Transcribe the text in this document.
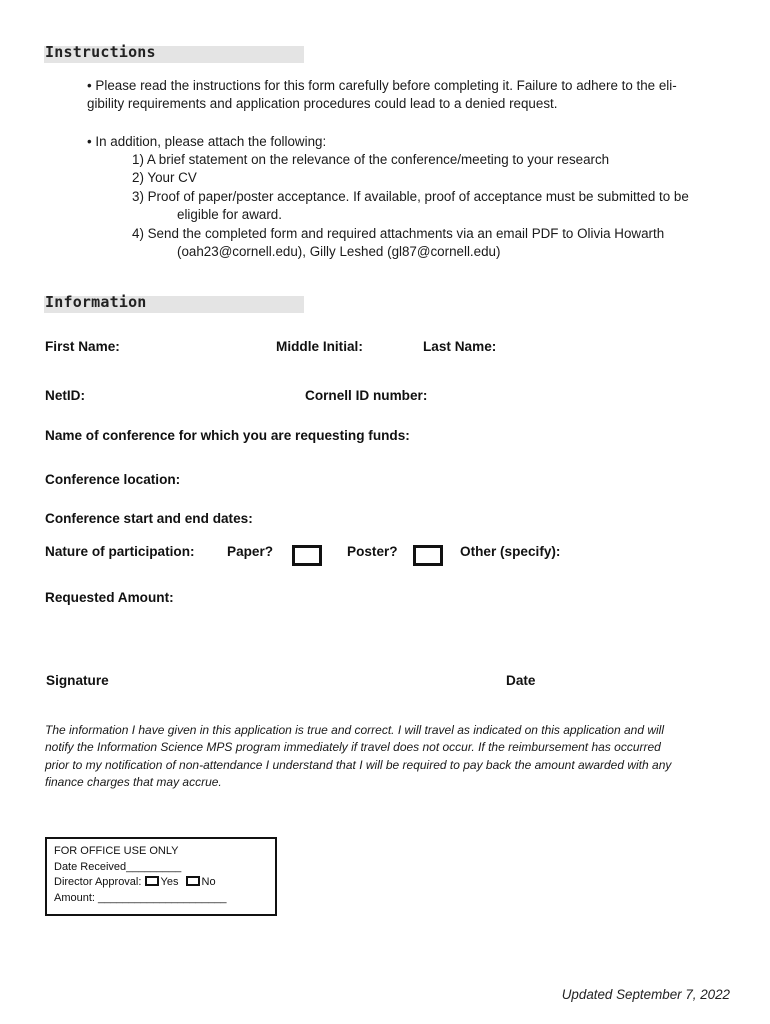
Instructions
• Please read the instructions for this form carefully before completing it. Failure to adhere to the eli-
gibility requirements and application procedures could lead to a denied request.
• In addition, please attach the following:
1) A brief statement on the relevance of the conference/meeting to your research
2) Your CV
3) Proof of paper/poster acceptance. If available, proof of acceptance must be submitted to be
eligible for award.
4) Send the completed form and required attachments via an email PDF to Olivia Howarth
(oah23@cornell.edu), Gilly Leshed (gl87@cornell.edu)
Information
First Name:	Middle Initial:	Last Name:
NetID:	Cornell ID number:
Name of conference for which you are requesting funds:
Conference location:
Conference start and end dates:
Nature of participation: Paper?	Poster?	Other (specify):
Requested Amount:
Signature	Date
The information I have given in this application is true and correct. I will travel as indicated on this application and will
notify the Information Science MPS program immediately if travel does not occur. If the reimbursement has occurred
prior to my notification of non-attendance I understand that I will be required to pay back the amount awarded with any
finance charges that may accrue.
FOR OFFICE USE ONLY
Date Received_________
Director Approval: Yes No
Amount: _____________________
Updated September 7, 2022
